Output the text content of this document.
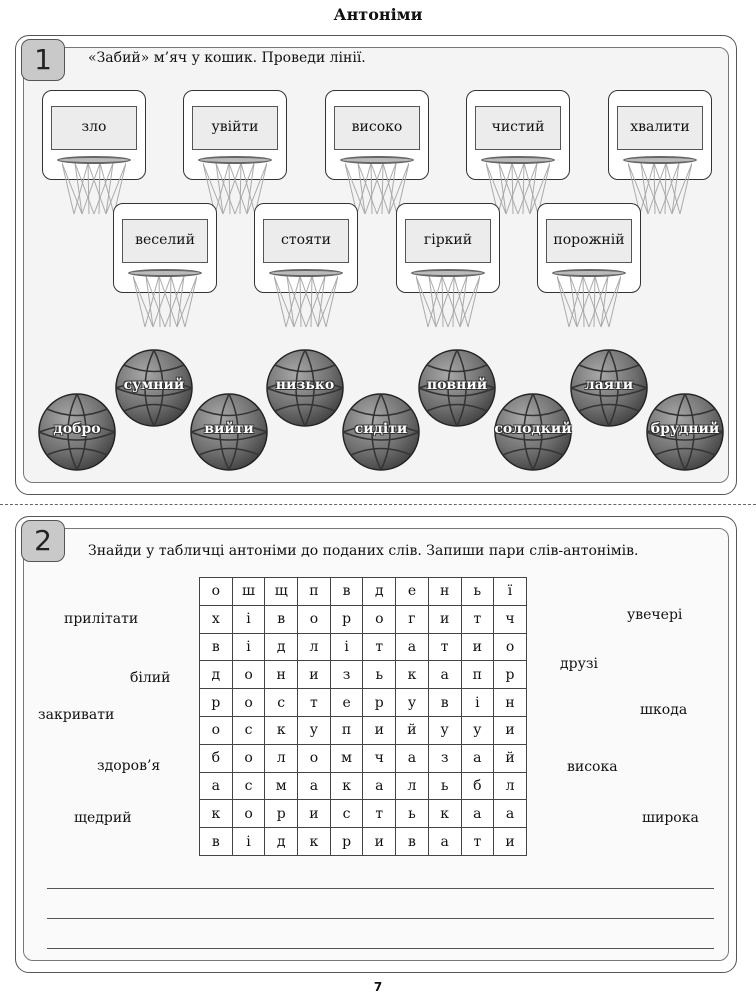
Антоніми
1	«Забий» м’яч у кошик. Проведи лінії.
зло	увійти	високо	чистий	хвалити
веселий	стояти	гіркий	порожній
сумний	низько	повний	лаяти
добро	вийти	сидіти	солодкий	брудний
2	Знайди у табличці антоніми до поданих слів. Запиши пари слів-антонімів.
о	ш	щ	п	в	д	е	н	ь	ї
х	і	в	о	р	о	г	и	т	ч
в	і	д	л	і	т	а	т	и	о
д	о	н	и	з	ь	к	а	п	р
р	о	с	т	е	р	у	в	і	н
о	с	к	у	п	и	й	у	у	и
б	о	л	о	м	ч	а	з	а	й
а	с	м	а	к	а	л	ь	б	л
к	о	р	и	с	т	ь	к	а	а
в	і	д	к	р	и	в	а	т	и
прилітати
білий
закривати
здоров’я
щедрий
увечері
друзі
шкода
висока
широка
7
